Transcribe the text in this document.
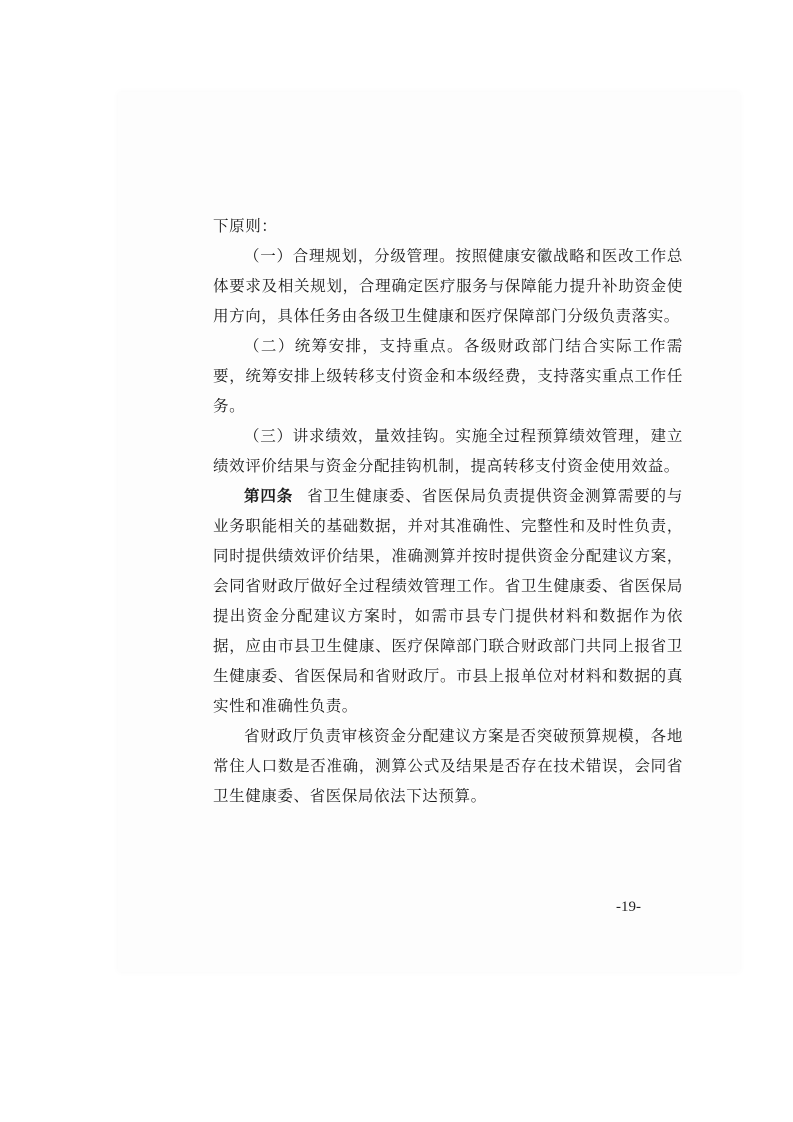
下原则：

（一）合理规划，分级管理。按照健康安徽战略和医改工作总体要求及相关规划，合理确定医疗服务与保障能力提升补助资金使用方向，具体任务由各级卫生健康和医疗保障部门分级负责落实。

（二）统筹安排，支持重点。各级财政部门结合实际工作需要，统筹安排上级转移支付资金和本级经费，支持落实重点工作任务。

（三）讲求绩效，量效挂钩。实施全过程预算绩效管理，建立绩效评价结果与资金分配挂钩机制，提高转移支付资金使用效益。

第四条 省卫生健康委、省医保局负责提供资金测算需要的与业务职能相关的基础数据，并对其准确性、完整性和及时性负责，同时提供绩效评价结果，准确测算并按时提供资金分配建议方案，会同省财政厅做好全过程绩效管理工作。省卫生健康委、省医保局提出资金分配建议方案时，如需市县专门提供材料和数据作为依据，应由市县卫生健康、医疗保障部门联合财政部门共同上报省卫生健康委、省医保局和省财政厅。市县上报单位对材料和数据的真实性和准确性负责。

省财政厅负责审核资金分配建议方案是否突破预算规模，各地常住人口数是否准确，测算公式及结果是否存在技术错误，会同省卫生健康委、省医保局依法下达预算。

-19-
